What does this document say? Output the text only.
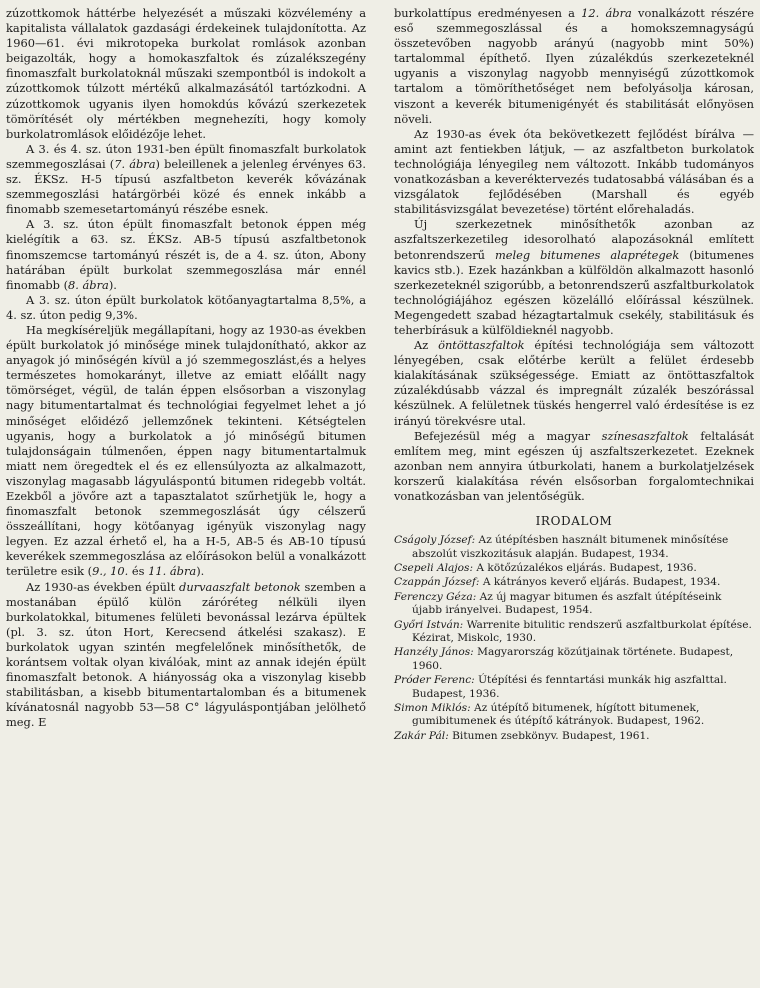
zúzottkomok háttérbe helyezését a műszaki közvélemény a kapitalista vállalatok gazdasági érdekeinek tulajdonította. Az 1960—61. évi mikrotopeka burkolat romlások azonban beigazolták, hogy a homokaszfaltok és zúzalékszegény finomaszfalt burkolatoknál műszaki szempontból is indokolt a zúzottkomok túlzott mértékű alkalmazásától tartózkodni. A zúzottkomok ugyanis ilyen homokdús kővázú szerkezetek tömörítését oly mértékben megnehezíti, hogy komoly burkolatromlások előidézője lehet.

A 3. és 4. sz. úton 1931-ben épült finomaszfalt burkolatok szemmegoszlásai (7. ábra) beleillenek a jelenleg érvényes 63. sz. ÉKSz. H-5 típusú aszfaltbeton keverék kővázának szemmegoszlási határgörbéi közé és ennek inkább a finomabb szemesetartományú részébe esnek.

A 3. sz. úton épült finomaszfalt betonok éppen még kielégítik a 63. sz. ÉKSz. AB-5 típusú aszfaltbetonok finomszemcse tartományú részét is, de a 4. sz. úton, Abony határában épült burkolat szemmegoszlása már ennél finomabb (8. ábra).

A 3. sz. úton épült burkolatok kötőanyagtartalma 8,5%, a 4. sz. úton pedig 9,3%.

Ha megkíséreljük megállapítani, hogy az 1930-as években épült burkolatok jó minősége minek tulajdonítható, akkor az anyagok jó minőségén kívül a jó szemmegoszlást,és a helyes természetes homokarányt, illetve az emiatt előállt nagy tömörséget, végül, de talán éppen elsősorban a viszonylag nagy bitumentartalmat és technológiai fegyelmet lehet a jó minőséget előidéző jellemzőnek tekinteni. Kétségtelen ugyanis, hogy a burkolatok a jó minőségű bitumen tulajdonságain túlmenően, éppen nagy bitumentartalmuk miatt nem öregedtek el és ez ellensúlyozta az alkalmazott, viszonylag magasabb lágyuláspontú bitumen ridegebb voltát. Ezekből a jövőre azt a tapasztalatot szűrhetjük le, hogy a finomaszfalt betonok szemmegoszlását úgy célszerű összeállítani, hogy kötőanyag igényük viszonylag nagy legyen. Ez azzal érhető el, ha a H-5, AB-5 és AB-10 típusú keverékek szemmegoszlása az előírásokon belül a vonalkázott területre esik (9., 10. és 11. ábra).

Az 1930-as években épült durvaaszfalt betonok szemben a mostanában épülő külön záróréteg nélküli ilyen burkolatokkal, bitumenes felületi bevonással lezárva épültek (pl. 3. sz. úton Hort, Kerecsend átkelési szakasz). E burkolatok ugyan szintén megfelelőnek minősíthetők, de korántsem voltak olyan kiválóak, mint az annak idején épült finomaszfalt betonok. A hiányosság oka a viszonylag kisebb stabilitásban, a kisebb bitumentartalomban és a bitumenek kívánatosnál nagyobb 53—58 C° lágyuláspontjában jelölhető meg. E

burkolattípus eredményesen a 12. ábra vonalkázott részére eső szemmegoszlással és a homokszemnagyságú összetevőben nagyobb arányú (nagyobb mint 50%) tartalommal építhető. Ilyen zúzalékdús szerkezeteknél ugyanis a viszonylag nagyobb mennyiségű zúzottkomok tartalom a tömöríthetőséget nem befolyásolja károsan, viszont a keverék bitumenigényét és stabilitását előnyösen növeli.

Az 1930-as évek óta bekövetkezett fejlődést bírálva — amint azt fentiekben látjuk, — az aszfaltbeton burkolatok technológiája lényegileg nem változott. Inkább tudományos vonatkozásban a keveréktervezés tudatosabbá válásában és a vizsgálatok fejlődésében (Marshall és egyéb stabilitásvizsgálat bevezetése) történt előrehaladás.

Új szerkezetnek minősíthetők azonban az aszfaltszerkezetileg idesorolható alapozásoknál említett betonrendszerű meleg bitumenes alaprétegek (bitumenes kavics stb.). Ezek hazánkban a külföldön alkalmazott hasonló szerkezeteknél szigorúbb, a betonrendszerű aszfaltburkolatok technológiájához egészen közelálló előírással készülnek. Megengedett szabad hézagtartalmuk csekély, stabilitásuk és teherbírásuk a külföldieknél nagyobb.

Az öntöttaszfaltok építési technológiája sem változott lényegében, csak előtérbe került a felület érdesebb kialakításának szükségessége. Emiatt az öntöttaszfaltok zúzalékdúsabb vázzal és impregnált zúzalék beszórással készülnek. A felületnek tüskés hengerrel való érdesítése is ez irányú törekvésre utal.

Befejezésül még a magyar színesaszfaltok feltalását említem meg, mint egészen új aszfaltszerkezetet. Ezeknek azonban nem annyira útburkolati, hanem a burkolatjelzések korszerű kialakítása révén elsősorban forgalomtechnikai vonatkozásban van jelentőségük.

IRODALOM
Cságoly József: Az útépítésben használt bitumenek minősítése abszolút viszkozitásuk alapján. Budapest, 1934.
Csepeli Alajos: A kötőzúzalékos eljárás. Budapest, 1936.
Czappán József: A kátrányos keverő eljárás. Budapest, 1934.
Ferenczy Géza: Az új magyar bitumen és aszfalt útépítéseink újabb irányelvei. Budapest, 1954.
Győri István: Warrenite bitulitic rendszerű aszfaltburkolat építése. Kézirat, Miskolc, 1930.
Hanzély János: Magyarország közútjainak története. Budapest, 1960.
Próder Ferenc: Útépítési és fenntartási munkák hig aszfalttal. Budapest, 1936.
Simon Miklós: Az útépítő bitumenek, hígított bitumenek, gumibitumenek és útépítő kátrányok. Budapest, 1962.
Zakár Pál: Bitumen zsebkönyv. Budapest, 1961.
